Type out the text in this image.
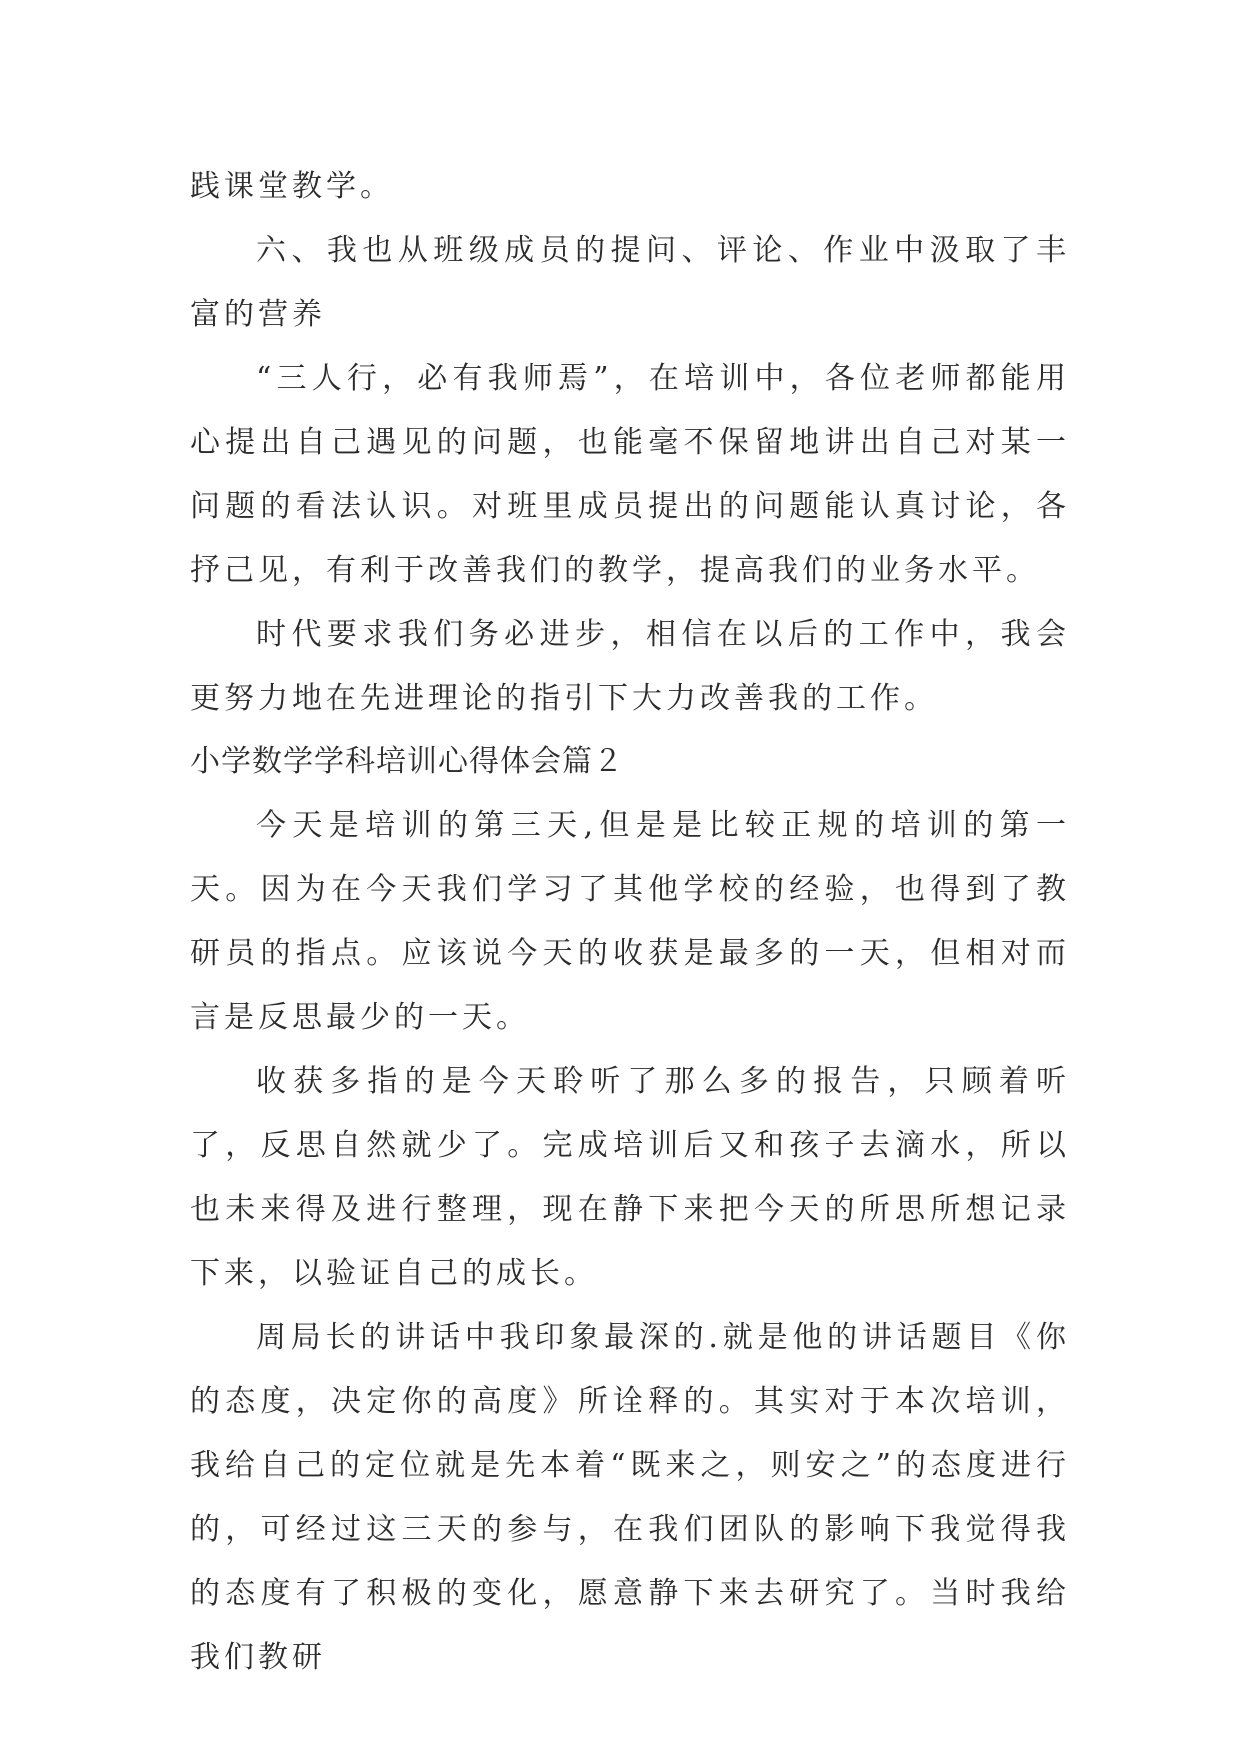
践课堂教学。

六、我也从班级成员的提问、评论、作业中汲取了丰富的营养

“三人行，必有我师焉”，在培训中，各位老师都能用心提出自己遇见的问题，也能毫不保留地讲出自己对某一问题的看法认识。对班里成员提出的问题能认真讨论，各抒己见，有利于改善我们的教学，提高我们的业务水平。

时代要求我们务必进步，相信在以后的工作中，我会更努力地在先进理论的指引下大力改善我的工作。

小学数学学科培训心得体会篇２

今天是培训的第三天,但是是比较正规的培训的第一天。因为在今天我们学习了其他学校的经验，也得到了教研员的指点。应该说今天的收获是最多的一天，但相对而言是反思最少的一天。

收获多指的是今天聆听了那么多的报告，只顾着听了，反思自然就少了。完成培训后又和孩子去滴水，所以也未来得及进行整理，现在静下来把今天的所思所想记录下来，以验证自己的成长。

周局长的讲话中我印象最深的.就是他的讲话题目《你的态度，决定你的高度》所诠释的。其实对于本次培训，我给自己的定位就是先本着“既来之，则安之”的态度进行的，可经过这三天的参与，在我们团队的影响下我觉得我的态度有了积极的变化，愿意静下来去研究了。当时我给我们教研
